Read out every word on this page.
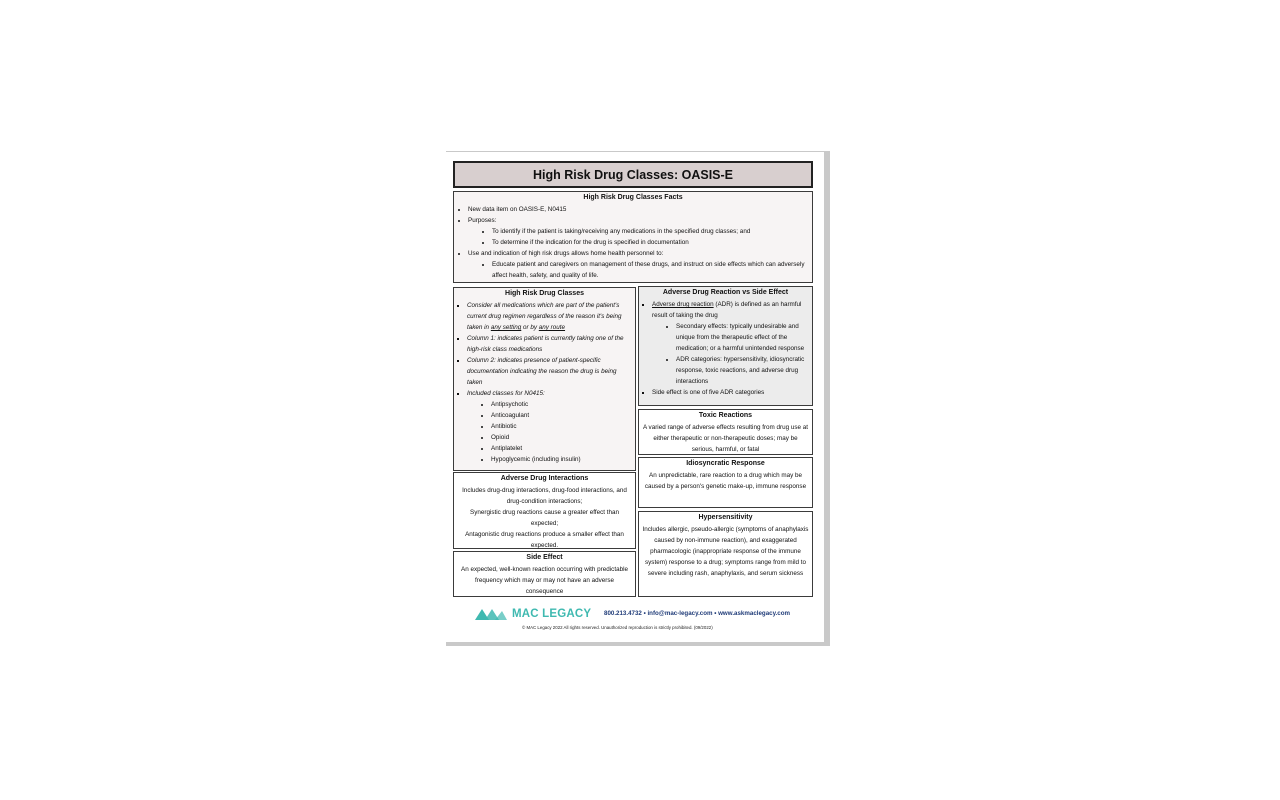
High Risk Drug Classes: OASIS-E
High Risk Drug Classes Facts
• New data item on OASIS-E, N0415
• Purposes:
• To identify if the patient is taking/receiving any medications in the specified drug classes; and
• To determine if the indication for the drug is specified in documentation
• Use and indication of high risk drugs allows home health personnel to:
• Educate patient and caregivers on management of these drugs, and instruct on side effects which can adversely affect health, safety, and quality of life.
High Risk Drug Classes
▪ Consider all medications which are part of the patient's current drug regimen regardless of the reason it's being taken in any setting or by any route
▪ Column 1: indicates patient is currently taking one of the high-risk class medications
▪ Column 2: indicates presence of patient-specific documentation indicating the reason the drug is being taken
▪ Included classes for N0415:
• Antipsychotic
• Anticoagulant
• Antibiotic
• Opioid
• Antiplatelet
• Hypoglycemic (including insulin)
Adverse Drug Reaction vs Side Effect
▪ Adverse drug reaction (ADR) is defined as an harmful result of taking the drug
• Secondary effects: typically undesirable and unique from the therapeutic effect of the medication; or a harmful unintended response
• ADR categories: hypersensitivity, idiosyncratic response, toxic reactions, and adverse drug interactions
▪ Side effect is one of five ADR categories
Toxic Reactions
A varied range of adverse effects resulting from drug use at either therapeutic or non-therapeutic doses; may be serious, harmful, or fatal
Idiosyncratic Response
An unpredictable, rare reaction to a drug which may be caused by a person's genetic make-up, immune response
Hypersensitivity
Includes allergic, pseudo-allergic (symptoms of anaphylaxis caused by non-immune reaction), and exaggerated pharmacologic (inappropriate response of the immune system) response to a drug; symptoms range from mild to severe including rash, anaphylaxis, and serum sickness
Adverse Drug Interactions
Includes drug-drug interactions, drug-food interactions, and drug-condition interactions;
Synergistic drug reactions cause a greater effect than expected;
Antagonistic drug reactions produce a smaller effect than expected.
Side Effect
An expected, well-known reaction occurring with predictable frequency which may or may not have an adverse consequence
MAC LEGACY 800.213.4732 • info@mac-legacy.com • www.askmaclegacy.com
© MAC Legacy 2022 All rights reserved. Unauthorized reproduction is strictly prohibited. (09/2022)
